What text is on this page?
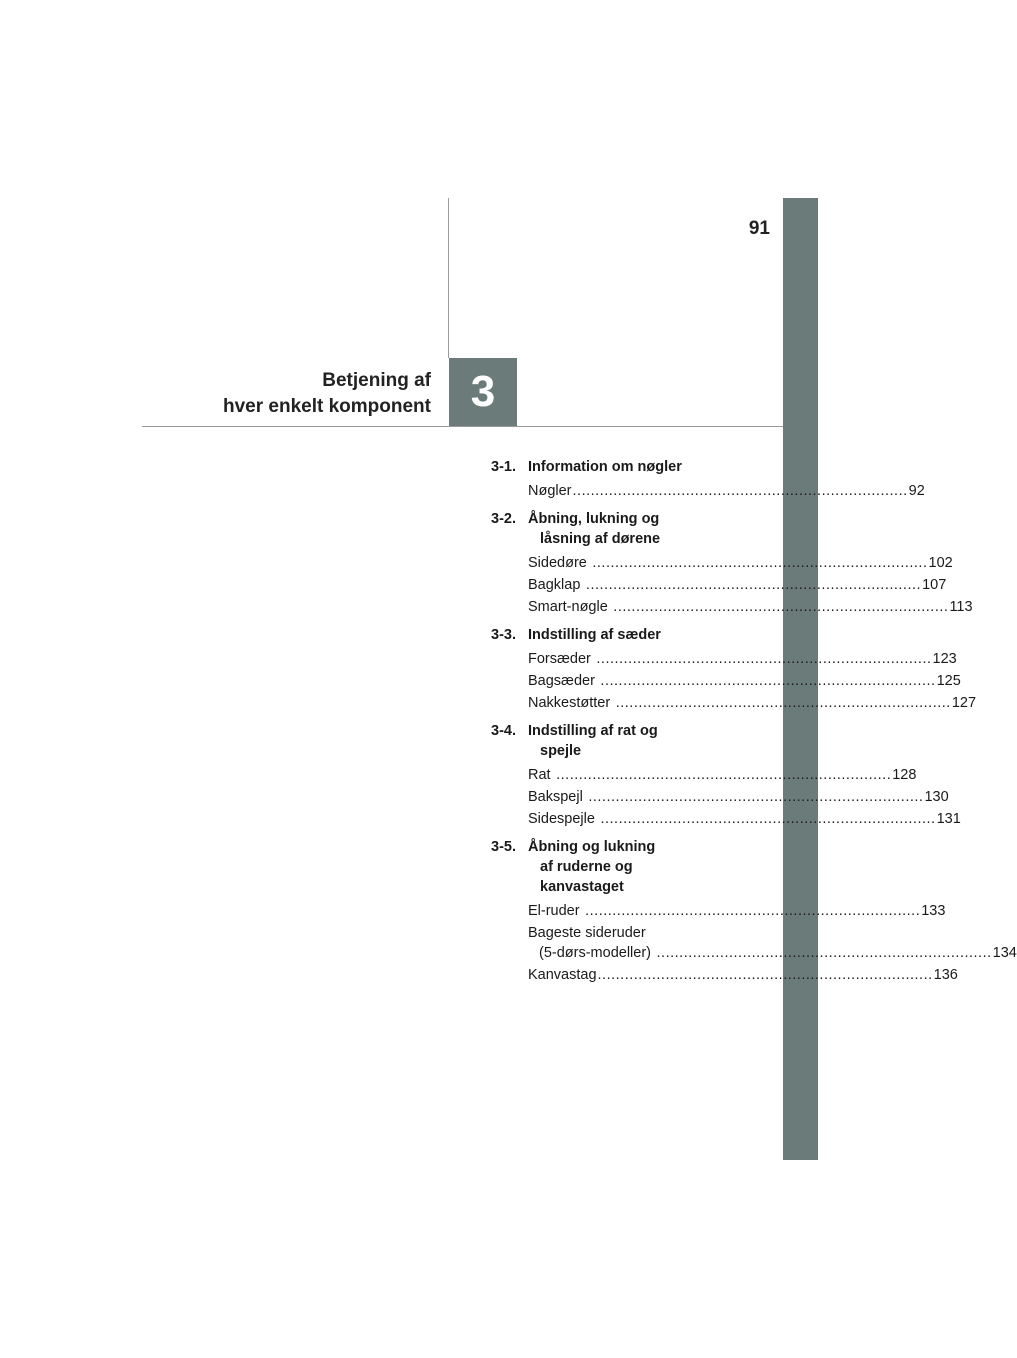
91
Betjening af
hver enkelt komponent 3
3-1. Information om nøgler
Nøgler .......................................................................... 92
3-2. Åbning, lukning og
låsning af dørene
Sidedøre .......................................................................... 102
Bagklap .......................................................................... 107
Smart-nøgle .......................................................................... 113
3-3. Indstilling af sæder
Forsæder .......................................................................... 123
Bagsæder .......................................................................... 125
Nakkestøtter .......................................................................... 127
3-4. Indstilling af rat og
spejle
Rat .......................................................................... 128
Bakspejl .......................................................................... 130
Sidespejle .......................................................................... 131
3-5. Åbning og lukning
af ruderne og
kanvastaget
El-ruder .......................................................................... 133
Bageste sideruder
(5-dørs-modeller) .......................................................................... 134
Kanvastag .......................................................................... 136
